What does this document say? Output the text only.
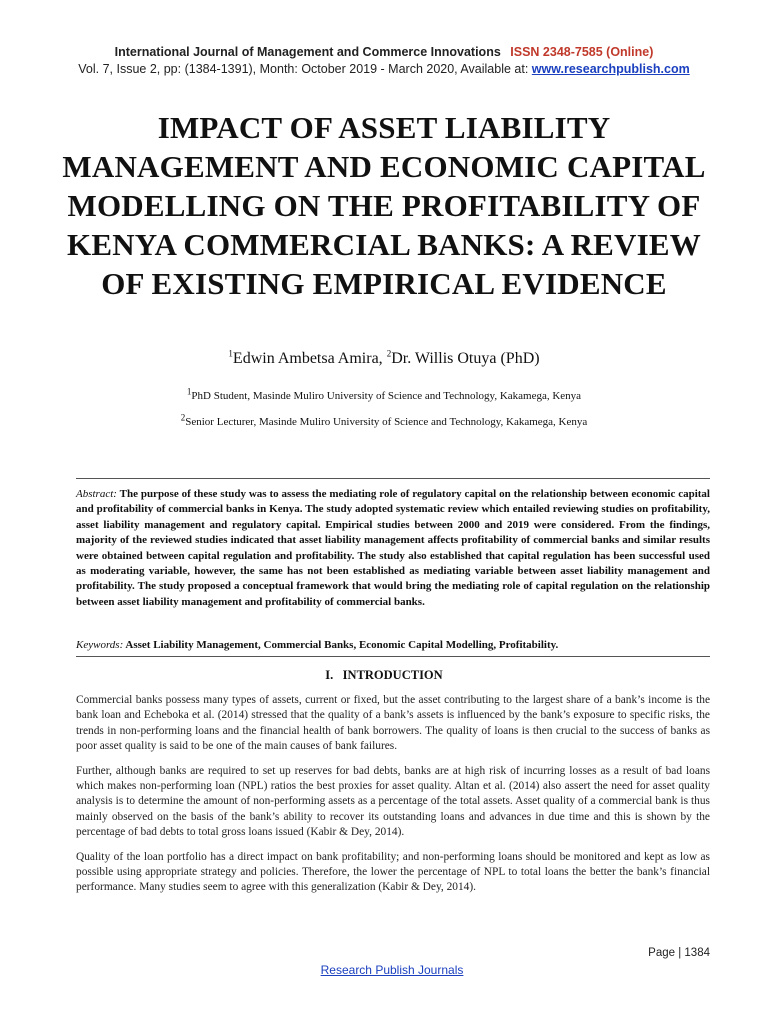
International Journal of Management and Commerce Innovations ISSN 2348-7585 (Online)
Vol. 7, Issue 2, pp: (1384-1391), Month: October 2019 - March 2020, Available at: www.researchpublish.com
IMPACT OF ASSET LIABILITY MANAGEMENT AND ECONOMIC CAPITAL MODELLING ON THE PROFITABILITY OF KENYA COMMERCIAL BANKS: A REVIEW OF EXISTING EMPIRICAL EVIDENCE
$^1$Edwin Ambetsa Amira, $^2$Dr. Willis Otuya (PhD)
$^1$PhD Student, Masinde Muliro University of Science and Technology, Kakamega, Kenya
$^2$Senior Lecturer, Masinde Muliro University of Science and Technology, Kakamega, Kenya
Abstract: The purpose of these study was to assess the mediating role of regulatory capital on the relationship between economic capital and profitability of commercial banks in Kenya. The study adopted systematic review which entailed reviewing studies on profitability, asset liability management and regulatory capital. Empirical studies between 2000 and 2019 were considered. From the findings, majority of the reviewed studies indicated that asset liability management affects profitability of commercial banks and similar results were obtained between capital regulation and profitability. The study also established that capital regulation has been successful used as moderating variable, however, the same has not been established as mediating variable between asset liability management and profitability. The study proposed a conceptual framework that would bring the mediating role of capital regulation on the relationship between asset liability management and profitability of commercial banks.
Keywords: Asset Liability Management, Commercial Banks, Economic Capital Modelling, Profitability.
I. INTRODUCTION

Commercial banks possess many types of assets, current or fixed, but the asset contributing to the largest share of a bank’s income is the bank loan and Echeboka et al. (2014) stressed that the quality of a bank’s assets is influenced by the bank’s exposure to specific risks, the trends in non-performing loans and the financial health of bank borrowers. The quality of loans is then crucial to the success of banks as poor asset quality is said to be one of the main causes of bank failures.

Further, although banks are required to set up reserves for bad debts, banks are at high risk of incurring losses as a result of bad loans which makes non-performing loan (NPL) ratios the best proxies for asset quality. Altan et al. (2014) also assert the need for asset quality analysis is to determine the amount of non-performing assets as a percentage of the total assets. Asset quality of a commercial bank is thus mainly observed on the basis of the bank’s ability to recover its outstanding loans and advances in due time and this is shown by the percentage of bad debts to total gross loans issued (Kabir & Dey, 2014).

Quality of the loan portfolio has a direct impact on bank profitability; and non-performing loans should be monitored and kept as low as possible using appropriate strategy and policies. Therefore, the lower the percentage of NPL to total loans the better the bank’s financial performance. Many studies seem to agree with this generalization (Kabir & Dey, 2014).

Page | 1384
Research Publish Journals
